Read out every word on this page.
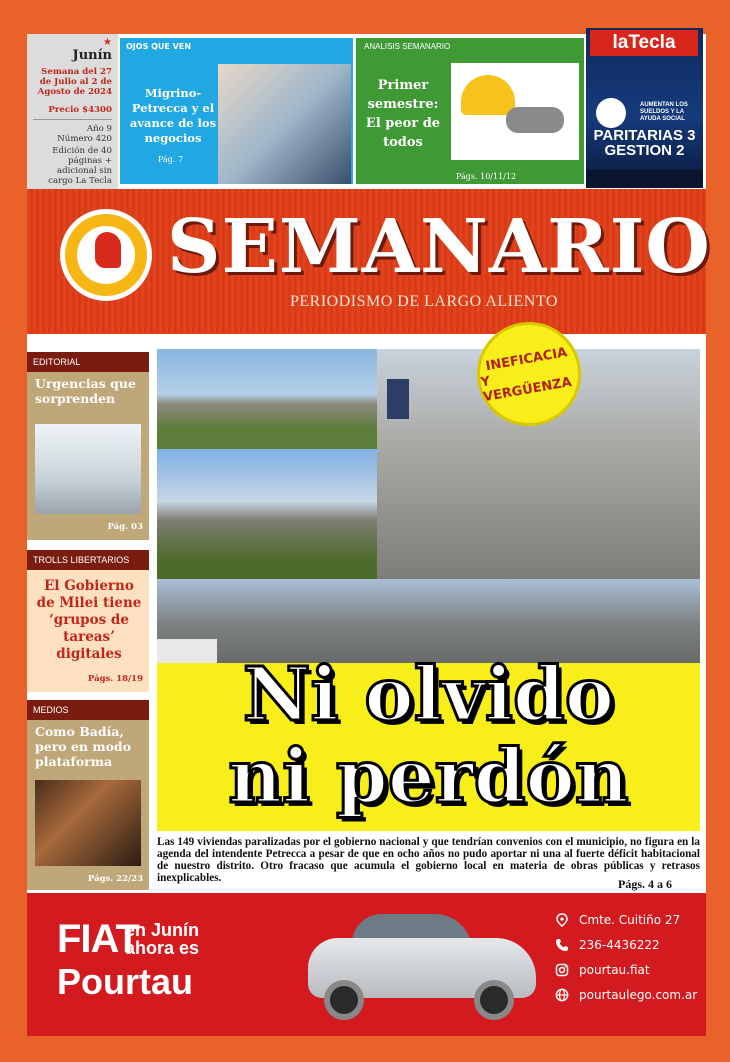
★
Junín
Semana del 27 de Julio al 2 de Agosto de 2024
Precio $4300
Año 9
Número 420
Edición de 40 páginas + adicional sin cargo La Tecla
OJOS QUE VEN
Migrino-Petrecca y el avance de los negocios
Pág. 7
ANALISIS SEMANARIO
Primer semestre: El peor de todos
Págs. 10/11/12
laTecla
AUMENTAN LOS SUELDOS Y LA AYUDA SOCIAL
PARITARIAS 3 GESTION 2
SEMANARIO
PERIODISMO DE LARGO ALIENTO
EDITORIAL
Urgencias que sorprenden
Pág. 03
TROLLS LIBERTARIOS
El Gobierno de Milei tiene ‘grupos de tareas’ digitales
Págs. 18/19
MEDIOS
Como Badía, pero en modo plataforma
Págs. 22/23
Ni olvido
ni perdón
INEFICACIA
Y VERGÜENZA
Las 149 viviendas paralizadas por el gobierno nacional y que tendrían convenios con el municipio, no figura en la agenda del intendente Petrecca a pesar de que en ocho años no pudo aportar ni una al fuerte déficit habitacional de nuestro distrito. Otro fracaso que acumula el gobierno local en materia de obras públicas y retrasos inexplicables.	Págs. 4 a 6
FIAT
en Junín
ahora es
Pourtau
Cmte. Cuitiño 27
236-4436222
pourtau.fiat
pourtaulego.com.ar
